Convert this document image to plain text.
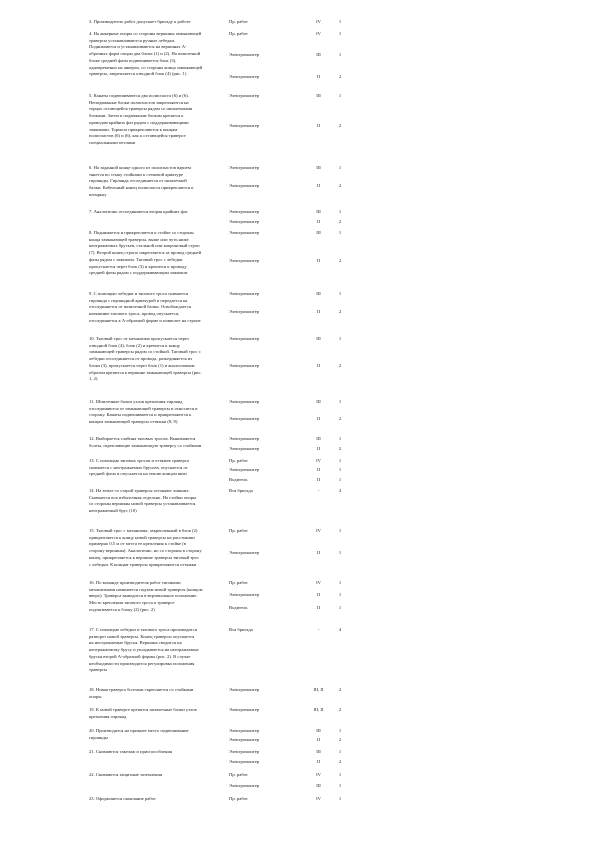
3. Производитель работ допускает бригаду к работе	Пр. работ	IV	1
4. На анкерные опоры со стороны вершины замыкающей
траверсы устанавливаются ручные лебедки.
Поднимаются и устанавливаются на вершинах А-
образных форм опоры два блока (1) и (2). На шпилечной
блоке средней фазы подвешивается блок (3),
одновременно на анкерах, со стороны конца замыкающей
траверсы, закрепляется отводной блок (4) (рис. 1)
Пр. работ	IV	1
Электромонтер	III	1
Электромонтер	II	2
5. Канаты подвешиваются два полиспаста (6) и (6).
Неподвижные блоки полиспастов закрепляются на
торцах остающейся траверсы рядом со шпилечными
блоками. Затем к подвижным блокам крепятся к
проводам крайних фаз рядом с поддерживающими
зажимами. Тормоза прикрепляются к концам
полиспастов (6) и (6), как к остающейся траверсе
специальными петлями
Электромонтер	III	1
Электромонтер	II	2
6. На заданной конце одного из полиспастов вдвоем
тянется по стыку стойками к стеновой арматуре
гирлянды. Гирлянда отсоединяется от шпилечной
балки. Кабельный конец полиспаста прикрепляется к
штырьку
Электромонтер	III	1
Электромонтер	II	2
7. Аналогично отсоединяются вторая крайних фаз	Электромонтер	III	1
Электромонтер	II	2
8. Поднимается и прикрепляется к стойке со стороны
конца замыкающей траверсы, выше или чуть ниже
неотражаемых брусьев, стальной или капроновый строп
(7). Второй конец стропа закрепляется за провод средней
фазы рядом с зажимом. Тяговый трос с лебедки
пропускается через блок (3) и крепится к проводу
средней фазы рядом с поддерживающим зажимом
Электромонтер	III	1
Электромонтер	II	2
9. С помощью лебедки и тягового троса снимается
гирлянда с гирляндной арматурой и передается на
отсоединяется от шпилечной балки. Освобождается
натяжение тягового троса, провод опускается,
отсоединяется к А-образной форме и повисает на стропе
Электромонтер	III	1
Электромонтер	II	2
10. Тяговый трос от механизма пропускается через
отводной блок (4), блок (2) и крепится к концу
замыкающей траверсы рядом со стойкой. Тяговый трос с
лебедки отсоединяется от провода, разъединяется из
блока (3), пропускается через блок (1) и аналогичным
образом крепится к вершине замыкающей траверсы (рис.
1, 2)
Электромонтер	III	1
Электромонтер	II	2
11. Шпилечные балки узлов крепления гирлянд
отсоединяются от замыкающей траверсы и относятся в
сторону. Канаты подвешиваются и прикрепляются к
концам замыкающей траверсы оттяжки (8, 9)
Электромонтер	III	1
Электромонтер	II	2
12. Выбирается слабина тяговых тросов. Вынимаются
болты, скрепляющие замыкающую траверсу со стойками
Электромонтер	III	1
Электромонтер	II	2
13. С помощью тяговых тросов и оттяжек траверса
снимается с неотражаемых брусьев, опускается от
средней фазы и опускается на землю концом вниз
Пр. работ	IV	1
Электромонтер	II	1
Водитель	II	1
14. На земле со старой траверсы отгоняют лишних.
Снимается вся избыточная отдельно. На стойки опоры
со стороны вершины новой траверсы устанавливается
неотражаемый брус (10)
Вся бригада	-	4
15. Тяговый трос с механизма, закрепленный в блок (2)
прикрепляется к концу новой траверсы на расстоянии
примерно 0,5 м от места ее крепления к стойке (в
сторону вершины). Аналогично, но со стороны в сторону
конец, прикрепляется к вершине траверсы тяговый трос
с лебедки. К концам траверсы прикрепляются оттяжки
Пр. работ	IV	1
Электромонтер	II	1
16. По команде производителя работ тяговыми
механизмами начинается подъем новой траверсы (концом
вверх). Траверса выводится в вертикальное положение.
Место крепления тягового троса к траверсе
подтягивается к блоку (2) (рис. 2)
Пр. работ	IV	1
Электромонтер	II	1
Водитель	II	1
17. С помощью лебедки и тягового троса производится
разворот новой траверсы. Конец траверсы опускается
на неотражаемые брусья. Вершина сводится на
неотражаемому брусу и укладывается на неотражаемые
брусья второй А-образной формы (рис. 2). В случае
необходимости производится регулировка положения
траверсы
Вся бригада	-	4
18. Новая траверса болтами скрепляется со стойками
опоры
Электромонтер	III, II	2
19. К новой траверсе крепятся шпилечные балки узлов
крепления гирлянд
Электромонтер	III, II	2
20. Производится на прежнее место подвешивание
гирлянды
Электромонтер	III	1
Электромонтер	II	2
21. Снимаются такелаж и приспособления	Электромонтер	III	1
Электромонтер	II	2
22. Снимаются защитные заземления	Пр. работ	IV	1
Электромонтер	III	1
23. Оформляется окончание работ	Пр. работ	IV	1
